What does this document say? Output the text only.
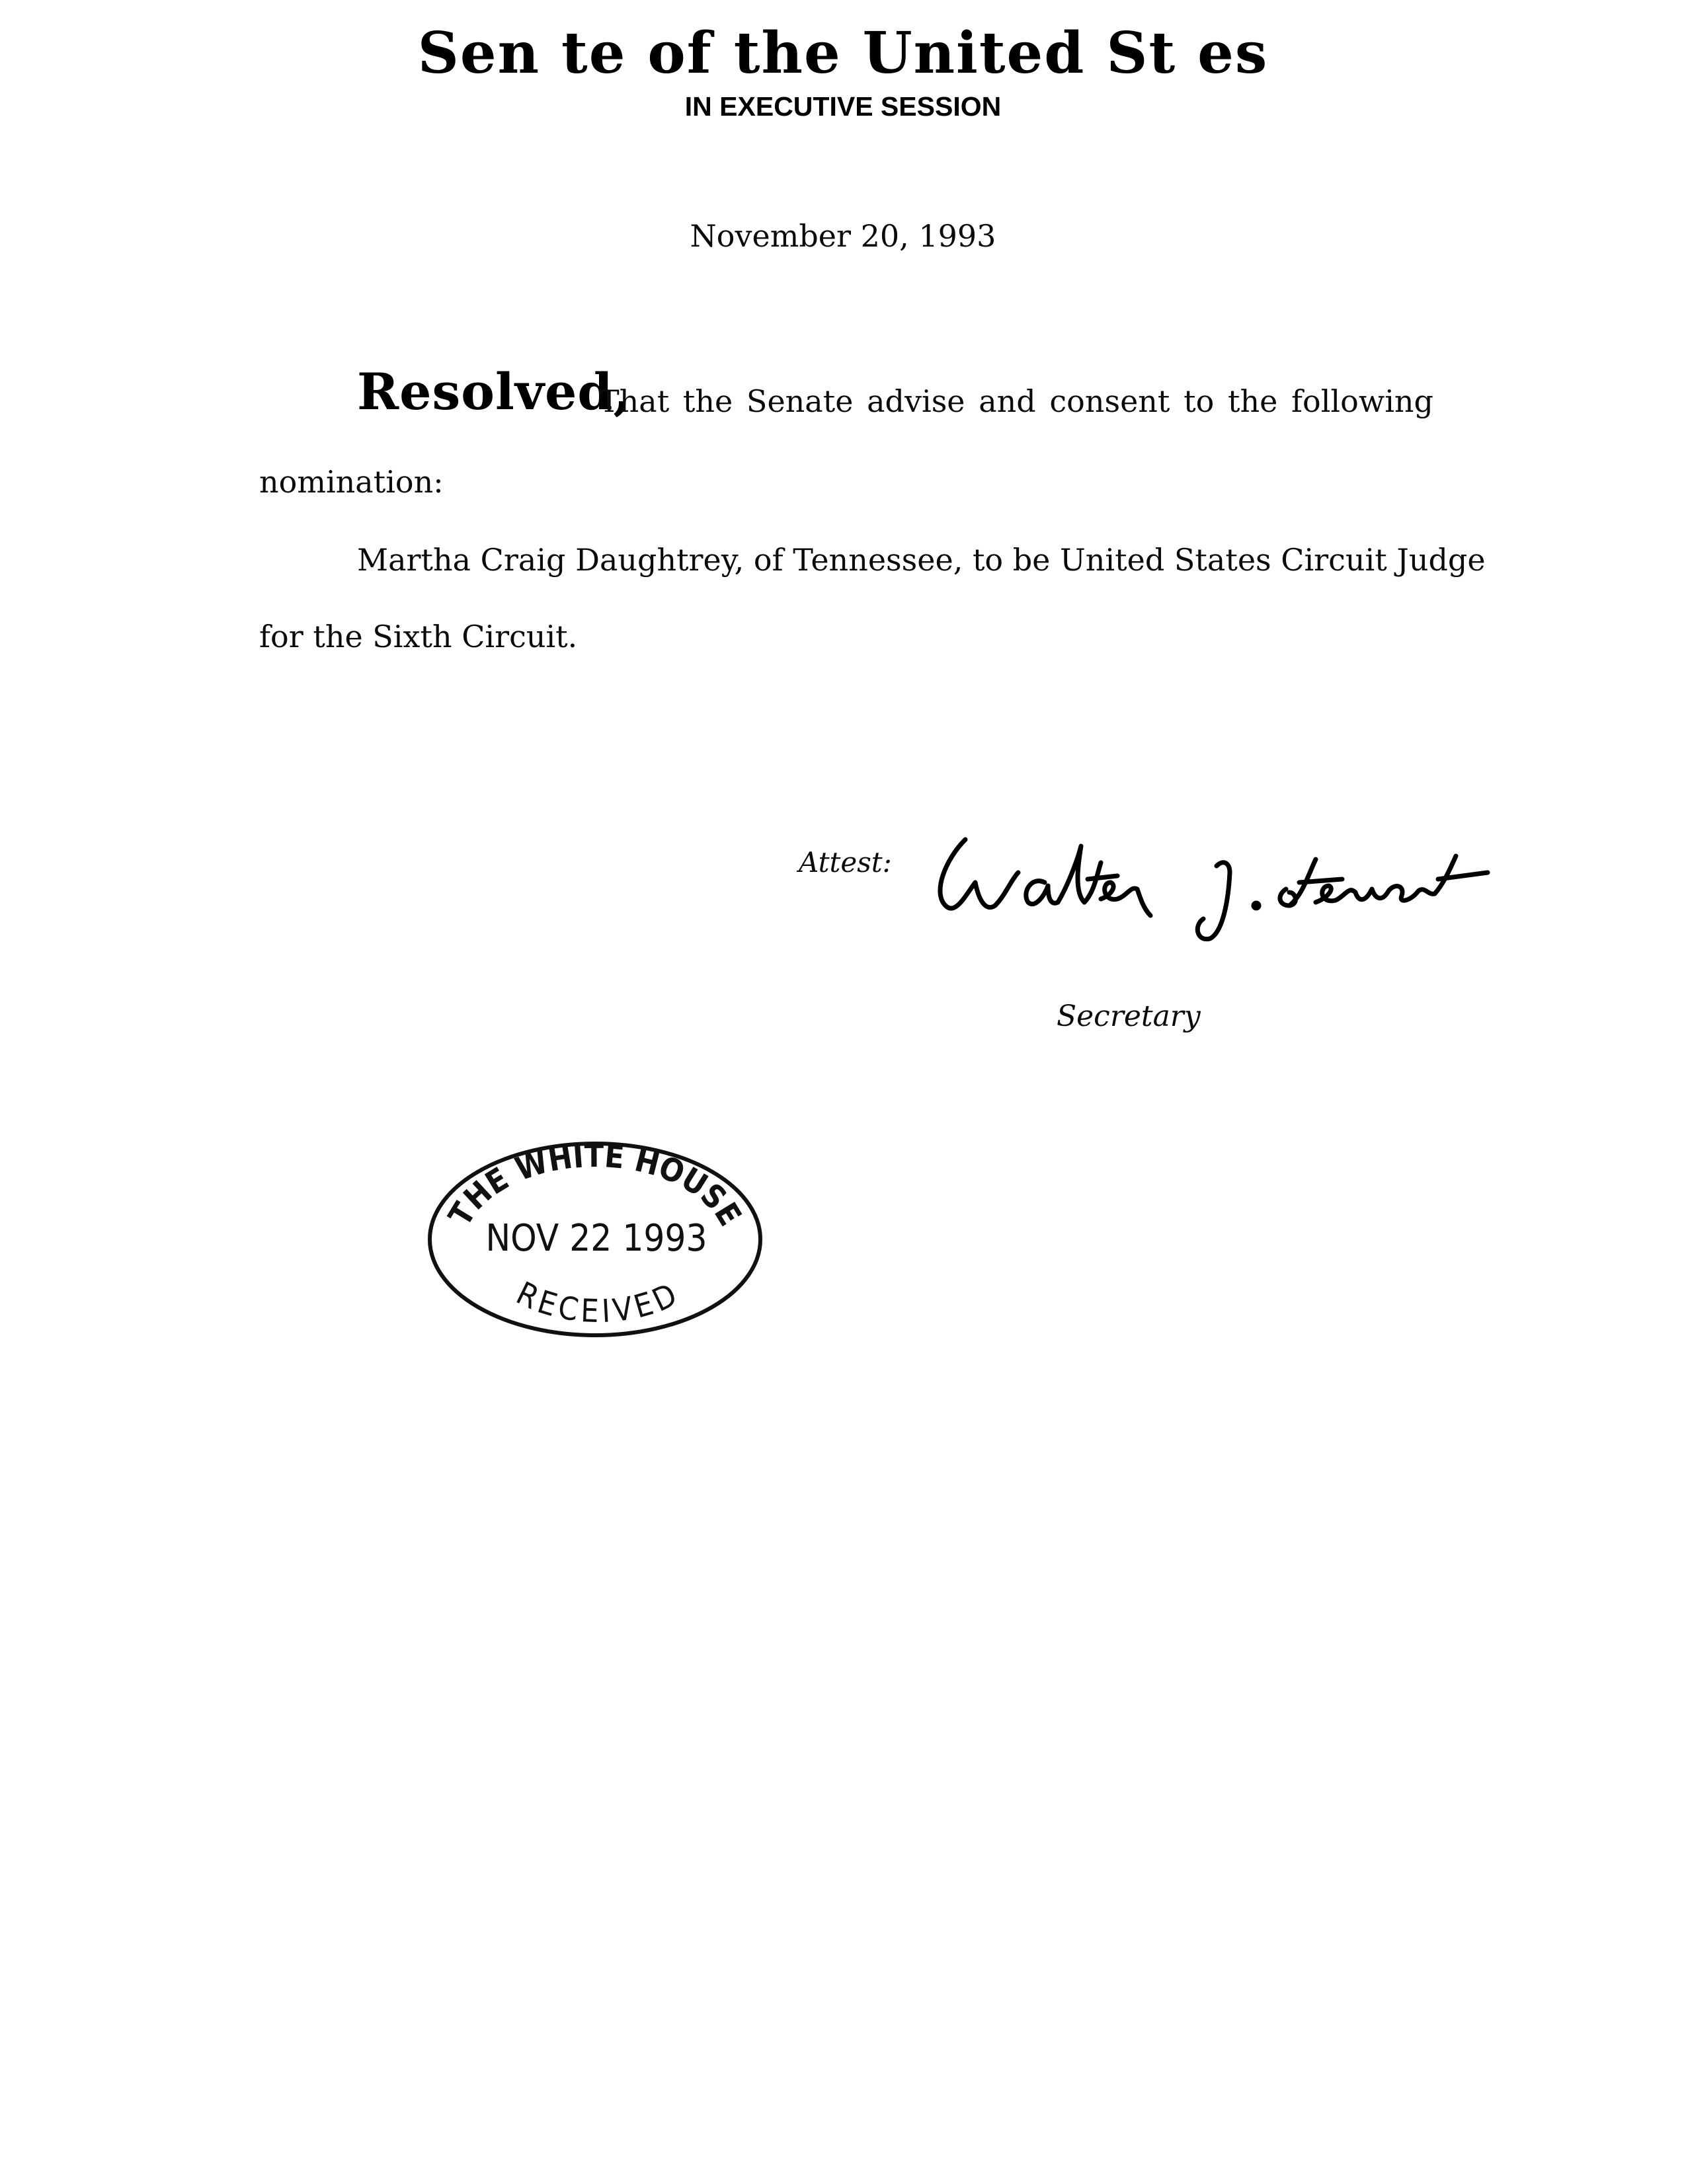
Sen te of the United St es
IN EXECUTIVE SESSION
November 20, 1993
Resolved,
That the Senate advise and consent to the following
nomination:
Martha Craig Daughtrey, of Tennessee, to be United States Circuit Judge
for the Sixth Circuit.
Attest:
Secretary
THE WHITE HOUSE
NOV 22 1993
RECEIVED
